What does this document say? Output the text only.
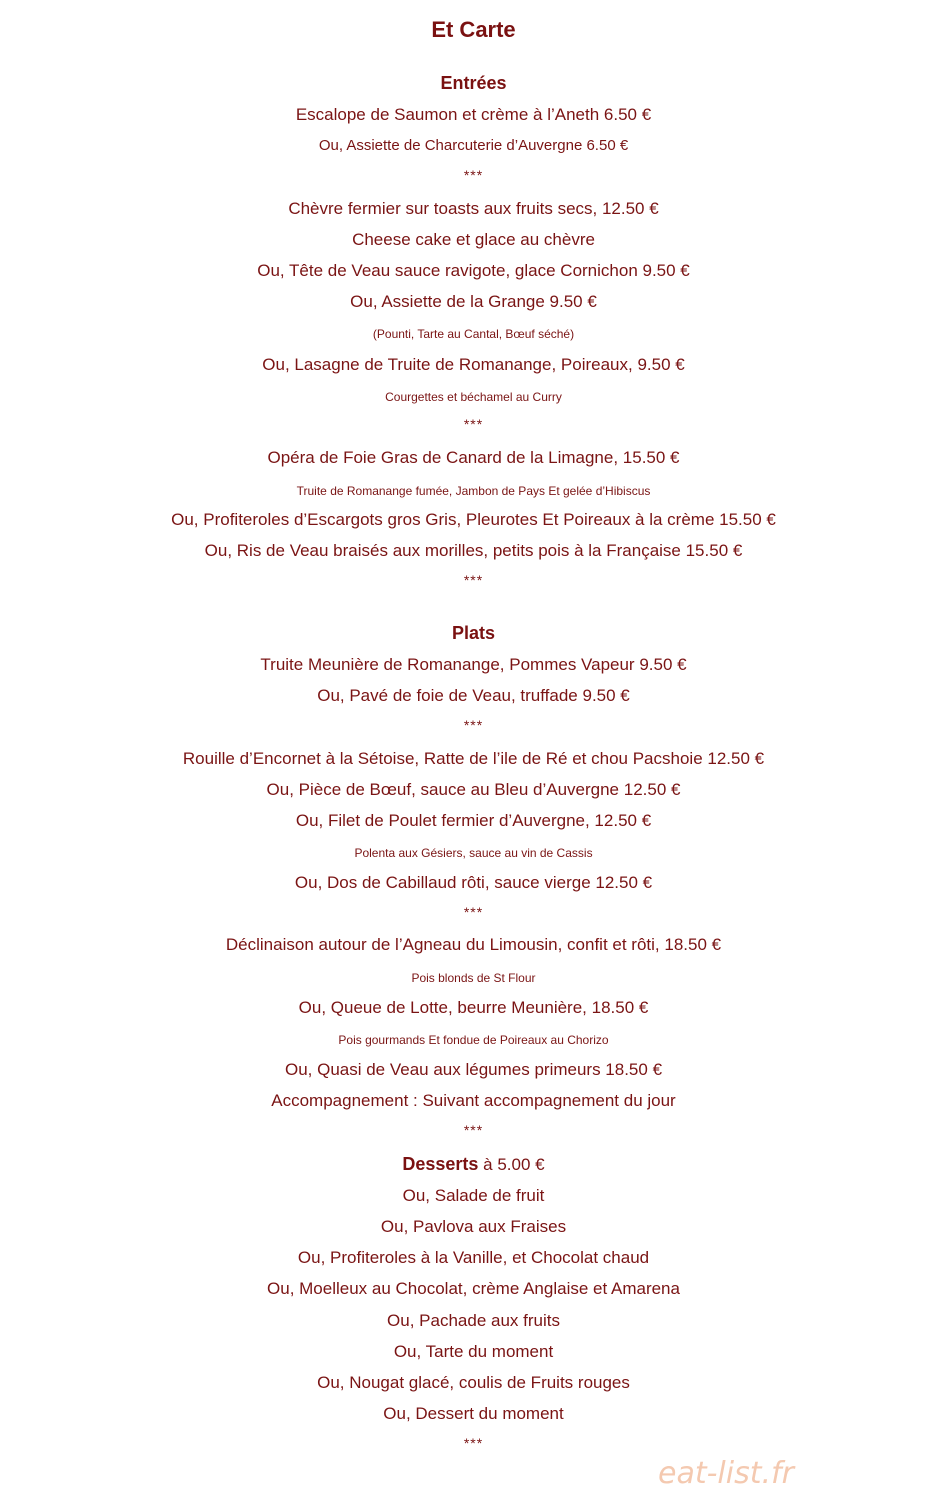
Et Carte
Entrées
Escalope de Saumon et crème à l’Aneth 6.50 €
Ou, Assiette de Charcuterie d’Auvergne 6.50 €
***
Chèvre fermier sur toasts aux fruits secs, 12.50 €
Cheese cake et glace au chèvre
Ou, Tête de Veau sauce ravigote, glace Cornichon 9.50 €
Ou, Assiette de la Grange 9.50 €
(Pounti, Tarte au Cantal, Bœuf séché)
Ou, Lasagne de Truite de Romanange, Poireaux, 9.50 €
Courgettes et béchamel au Curry
***
Opéra de Foie Gras de Canard de la Limagne, 15.50 €
Truite de Romanange fumée, Jambon de Pays Et gelée d’Hibiscus
Ou, Profiteroles d’Escargots gros Gris, Pleurotes Et Poireaux à la crème 15.50 €
Ou, Ris de Veau braisés aux morilles, petits pois à la Française 15.50 €
***
Plats
Truite Meunière de Romanange, Pommes Vapeur 9.50 €
Ou, Pavé de foie de Veau, truffade 9.50 €
***
Rouille d’Encornet à la Sétoise, Ratte de l’ile de Ré et chou Pacshoie 12.50 €
Ou, Pièce de Bœuf, sauce au Bleu d’Auvergne 12.50 €
Ou, Filet de Poulet fermier d’Auvergne, 12.50 €
Polenta aux Gésiers, sauce au vin de Cassis
Ou, Dos de Cabillaud rôti, sauce vierge 12.50 €
***
Déclinaison autour de l’Agneau du Limousin, confit et rôti, 18.50 €
Pois blonds de St Flour
Ou, Queue de Lotte, beurre Meunière, 18.50 €
Pois gourmands Et fondue de Poireaux au Chorizo
Ou, Quasi de Veau aux légumes primeurs 18.50 €
Accompagnement : Suivant accompagnement du jour
***
Desserts à 5.00 €
Ou, Salade de fruit
Ou, Pavlova aux Fraises
Ou, Profiteroles à la Vanille, et Chocolat chaud
Ou, Moelleux au Chocolat, crème Anglaise et Amarena
Ou, Pachade aux fruits
Ou, Tarte du moment
Ou, Nougat glacé, coulis de Fruits rouges
Ou, Dessert du moment
***
eat-list.fr
